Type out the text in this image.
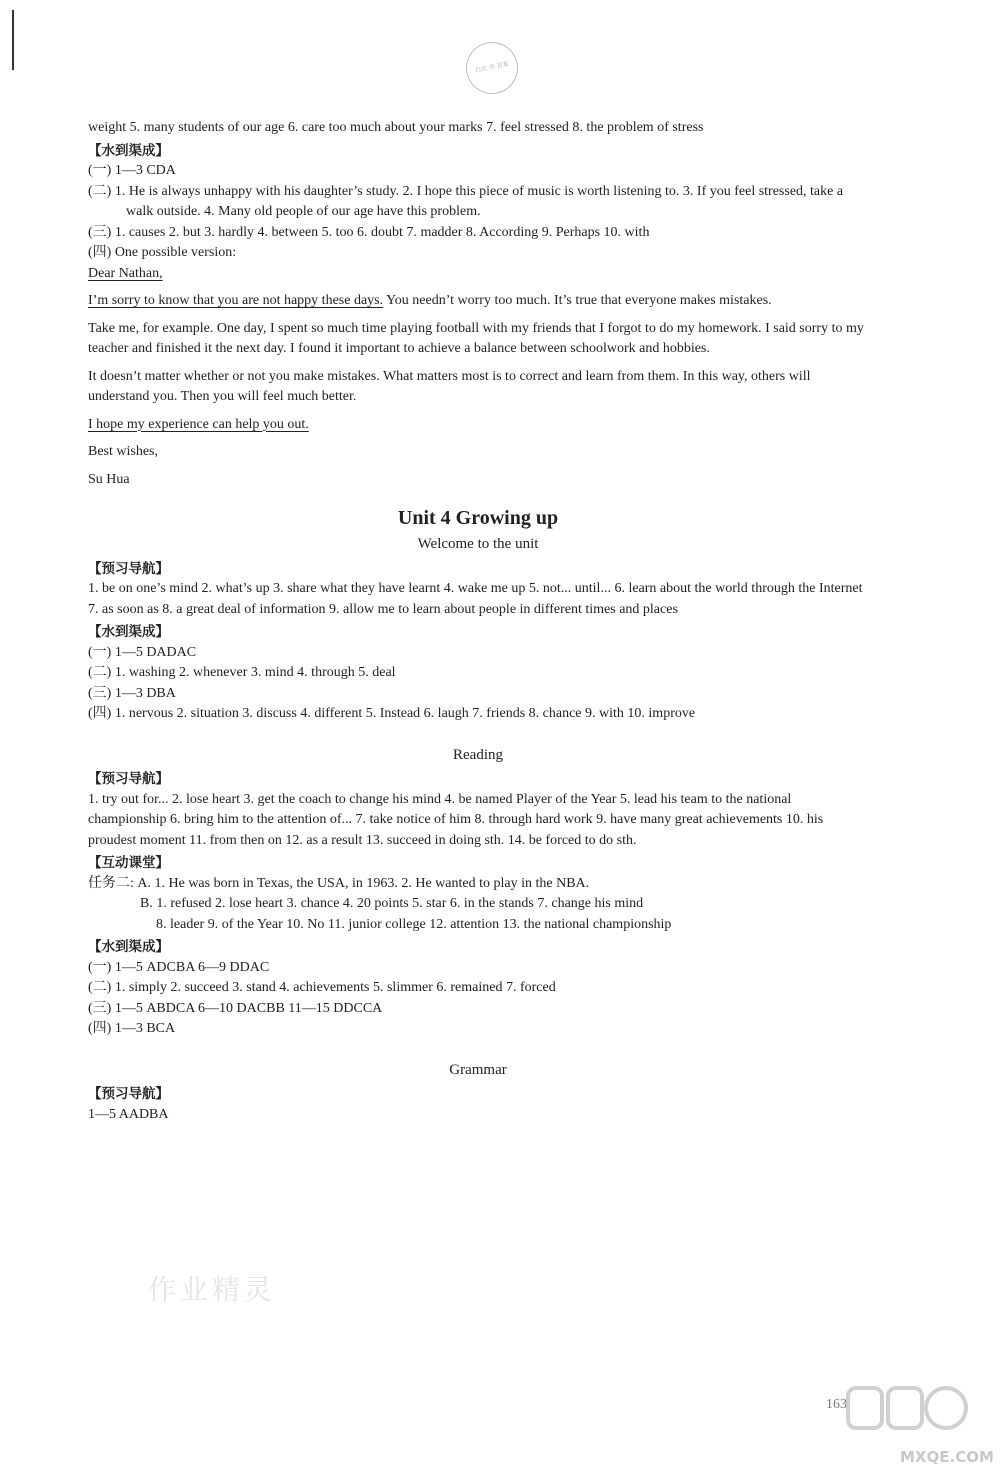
白皮 书 答案
weight 5. many students of our age 6. care too much about your marks 7. feel stressed 8. the problem of stress
【水到渠成】
(一) 1—3 CDA
(二) 1. He is always unhappy with his daughter’s study. 2. I hope this piece of music is worth listening to. 3. If you feel stressed, take a walk outside. 4. Many old people of our age have this problem.
(三) 1. causes 2. but 3. hardly 4. between 5. too 6. doubt 7. madder 8. According 9. Perhaps 10. with
(四) One possible version:
Dear Nathan,
I’m sorry to know that you are not happy these days. You needn’t worry too much. It’s true that everyone makes mistakes.
Take me, for example. One day, I spent so much time playing football with my friends that I forgot to do my homework. I said sorry to my teacher and finished it the next day. I found it important to achieve a balance between schoolwork and hobbies.
It doesn’t matter whether or not you make mistakes. What matters most is to correct and learn from them. In this way, others will understand you. Then you will feel much better.
I hope my experience can help you out.
Best wishes,
Su Hua
Unit 4 Growing up
Welcome to the unit
【预习导航】
1. be on one’s mind 2. what’s up 3. share what they have learnt 4. wake me up 5. not... until... 6. learn about the world through the Internet 7. as soon as 8. a great deal of information 9. allow me to learn about people in different times and places
【水到渠成】
(一) 1—5 DADAC
(二) 1. washing 2. whenever 3. mind 4. through 5. deal
(三) 1—3 DBA
(四) 1. nervous 2. situation 3. discuss 4. different 5. Instead 6. laugh 7. friends 8. chance 9. with 10. improve
Reading
【预习导航】
1. try out for... 2. lose heart 3. get the coach to change his mind 4. be named Player of the Year 5. lead his team to the national championship 6. bring him to the attention of... 7. take notice of him 8. through hard work 9. have many great achievements 10. his proudest moment 11. from then on 12. as a result 13. succeed in doing sth. 14. be forced to do sth.
【互动课堂】
任务二: A. 1. He was born in Texas, the USA, in 1963. 2. He wanted to play in the NBA.
B. 1. refused 2. lose heart 3. chance 4. 20 points 5. star 6. in the stands 7. change his mind
8. leader 9. of the Year 10. No 11. junior college 12. attention 13. the national championship
【水到渠成】
(一) 1—5 ADCBA 6—9 DDAC
(二) 1. simply 2. succeed 3. stand 4. achievements 5. slimmer 6. remained 7. forced
(三) 1—5 ABDCA 6—10 DACBB 11—15 DDCCA
(四) 1—3 BCA
Grammar
【预习导航】
1—5 AADBA
作业精灵
163
MXQE.COM
